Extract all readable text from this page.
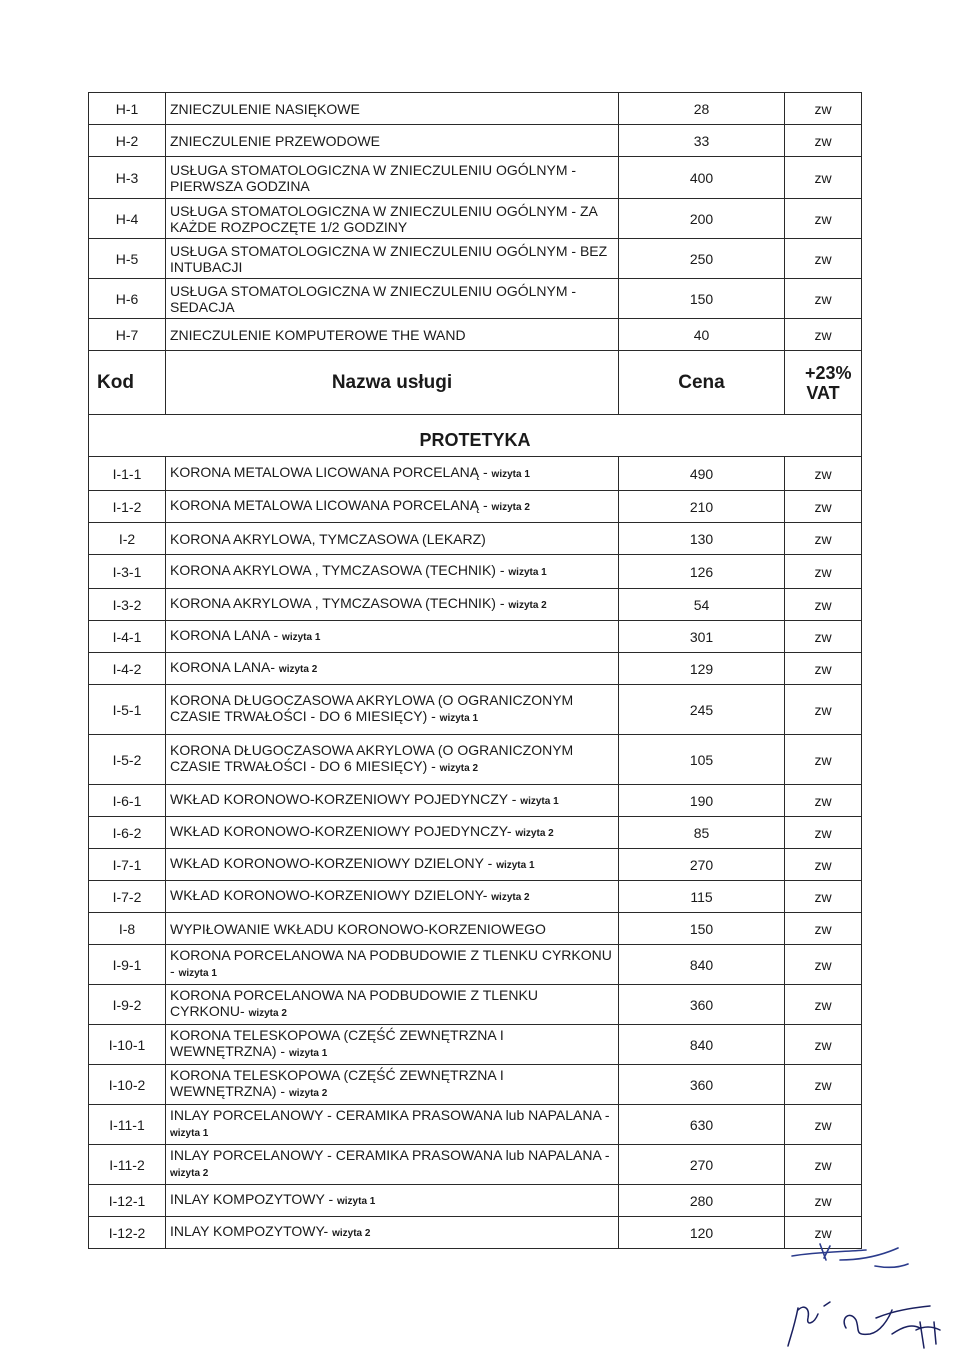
H-1	ZNIECZULENIE NASIĘKOWE	28	zw
H-2	ZNIECZULENIE PRZEWODOWE	33	zw
H-3	USŁUGA STOMATOLOGICZNA W ZNIECZULENIU OGÓLNYM - PIERWSZA GODZINA	400	zw
H-4	USŁUGA STOMATOLOGICZNA W ZNIECZULENIU OGÓLNYM - ZA KAŻDE ROZPOCZĘTE 1/2 GODZINY	200	zw
H-5	USŁUGA STOMATOLOGICZNA W ZNIECZULENIU OGÓLNYM - BEZ INTUBACJI	250	zw
H-6	USŁUGA STOMATOLOGICZNA W ZNIECZULENIU OGÓLNYM - SEDACJA	150	zw
H-7	ZNIECZULENIE KOMPUTEROWE THE WAND	40	zw
Kod	Nazwa usługi	Cena	+23% VAT
PROTETYKA			
I-1-1	KORONA METALOWA LICOWANA PORCELANĄ - wizyta 1	490	zw
I-1-2	KORONA METALOWA LICOWANA PORCELANĄ - wizyta 2	210	zw
I-2	KORONA AKRYLOWA, TYMCZASOWA (LEKARZ)	130	zw
I-3-1	KORONA AKRYLOWA , TYMCZASOWA (TECHNIK) - wizyta 1	126	zw
I-3-2	KORONA AKRYLOWA , TYMCZASOWA (TECHNIK) - wizyta 2	54	zw
I-4-1	KORONA LANA - wizyta 1	301	zw
I-4-2	KORONA LANA- wizyta 2	129	zw
I-5-1	KORONA DŁUGOCZASOWA AKRYLOWA (O OGRANICZONYM CZASIE TRWAŁOŚCI - DO 6 MIESIĘCY) - wizyta 1	245	zw
I-5-2	KORONA DŁUGOCZASOWA AKRYLOWA (O OGRANICZONYM CZASIE TRWAŁOŚCI - DO 6 MIESIĘCY) - wizyta 2	105	zw
I-6-1	WKŁAD KORONOWO-KORZENIOWY POJEDYNCZY - wizyta 1	190	zw
I-6-2	WKŁAD KORONOWO-KORZENIOWY POJEDYNCZY- wizyta 2	85	zw
I-7-1	WKŁAD KORONOWO-KORZENIOWY DZIELONY - wizyta 1	270	zw
I-7-2	WKŁAD KORONOWO-KORZENIOWY DZIELONY- wizyta 2	115	zw
I-8	WYPIŁOWANIE WKŁADU KORONOWO-KORZENIOWEGO	150	zw
I-9-1	KORONA PORCELANOWA NA PODBUDOWIE Z TLENKU CYRKONU - wizyta 1	840	zw
I-9-2	KORONA PORCELANOWA NA PODBUDOWIE Z TLENKU CYRKONU- wizyta 2	360	zw
I-10-1	KORONA TELESKOPOWA (CZĘŚĆ ZEWNĘTRZNA I WEWNĘTRZNA) - wizyta 1	840	zw
I-10-2	KORONA TELESKOPOWA (CZĘŚĆ ZEWNĘTRZNA I WEWNĘTRZNA) - wizyta 2	360	zw
I-11-1	INLAY PORCELANOWY - CERAMIKA PRASOWANA lub NAPALANA - wizyta 1	630	zw
I-11-2	INLAY PORCELANOWY - CERAMIKA PRASOWANA lub NAPALANA - wizyta 2	270	zw
I-12-1	INLAY KOMPOZYTOWY - wizyta 1	280	zw
I-12-2	INLAY KOMPOZYTOWY- wizyta 2	120	zw
